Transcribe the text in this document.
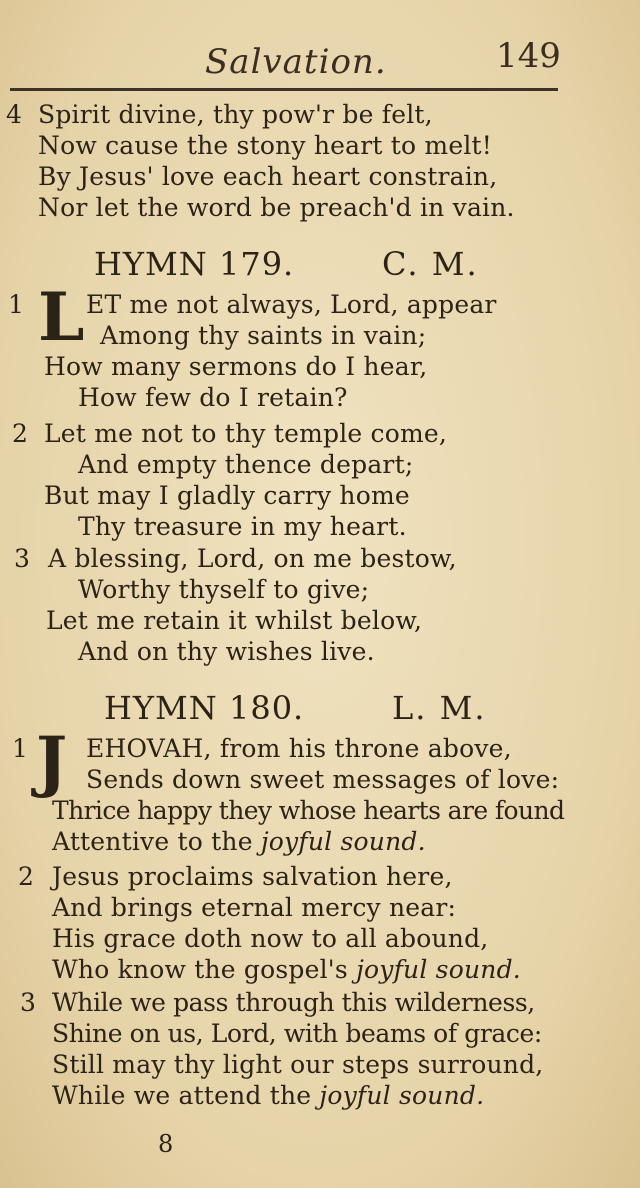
Salvation.	149
4 Spirit divine, thy pow'r be felt,
Now cause the stony heart to melt!
By Jesus' love each heart constrain,
Nor let the word be preach'd in vain.
HYMN 179.	C. M.
1 L ET me not always, Lord, appear
Among thy saints in vain;
How many sermons do I hear,
How few do I retain?
2 Let me not to thy temple come,
And empty thence depart;
But may I gladly carry home
Thy treasure in my heart.
3 A blessing, Lord, on me bestow,
Worthy thyself to give;
Let me retain it whilst below,
And on thy wishes live.
HYMN 180.	L. M.
1 J EHOVAH, from his throne above,
Sends down sweet messages of love:
Thrice happy they whose hearts are found
Attentive to the joyful sound.
2 Jesus proclaims salvation here,
And brings eternal mercy near:
His grace doth now to all abound,
Who know the gospel's joyful sound.
3 While we pass through this wilderness,
Shine on us, Lord, with beams of grace:
Still may thy light our steps surround,
While we attend the joyful sound.
8
